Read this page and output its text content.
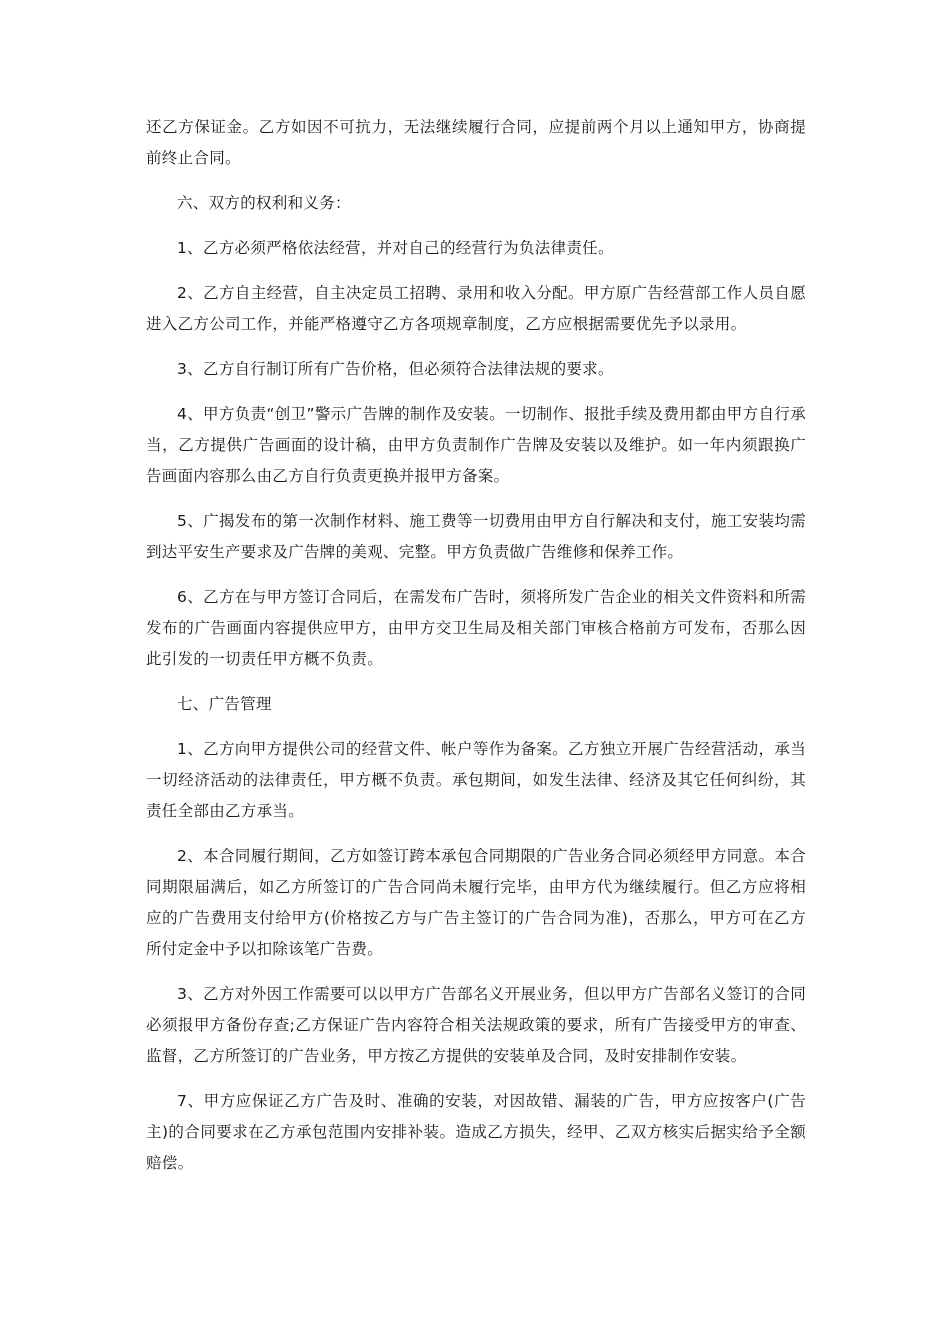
还乙方保证金。乙方如因不可抗力，无法继续履行合同，应提前两个月以上通知甲方，协商提前终止合同。

六、双方的权利和义务：

1、乙方必须严格依法经营，并对自己的经营行为负法律责任。

2、乙方自主经营，自主决定员工招聘、录用和收入分配。甲方原广告经营部工作人员自愿进入乙方公司工作，并能严格遵守乙方各项规章制度，乙方应根据需要优先予以录用。

3、乙方自行制订所有广告价格，但必须符合法律法规的要求。

4、甲方负责“创卫”警示广告牌的制作及安装。一切制作、报批手续及费用都由甲方自行承当，乙方提供广告画面的设计稿，由甲方负责制作广告牌及安装以及维护。如一年内须跟换广告画面内容那么由乙方自行负责更换并报甲方备案。

5、广揭发布的第一次制作材料、施工费等一切费用由甲方自行解决和支付，施工安装均需到达平安生产要求及广告牌的美观、完整。甲方负责做广告维修和保养工作。

6、乙方在与甲方签订合同后，在需发布广告时，须将所发广告企业的相关文件资料和所需发布的广告画面内容提供应甲方，由甲方交卫生局及相关部门审核合格前方可发布，否那么因此引发的一切责任甲方概不负责。

七、广告管理

1、乙方向甲方提供公司的经营文件、帐户等作为备案。乙方独立开展广告经营活动，承当一切经济活动的法律责任，甲方概不负责。承包期间，如发生法律、经济及其它任何纠纷，其责任全部由乙方承当。

2、本合同履行期间，乙方如签订跨本承包合同期限的广告业务合同必须经甲方同意。本合同期限届满后，如乙方所签订的广告合同尚未履行完毕，由甲方代为继续履行。但乙方应将相应的广告费用支付给甲方(价格按乙方与广告主签订的广告合同为准)，否那么，甲方可在乙方所付定金中予以扣除该笔广告费。

3、乙方对外因工作需要可以以甲方广告部名义开展业务，但以甲方广告部名义签订的合同必须报甲方备份存查;乙方保证广告内容符合相关法规政策的要求，所有广告接受甲方的审查、监督，乙方所签订的广告业务，甲方按乙方提供的安装单及合同，及时安排制作安装。

7、甲方应保证乙方广告及时、准确的安装，对因故错、漏装的广告，甲方应按客户(广告主)的合同要求在乙方承包范围内安排补装。造成乙方损失，经甲、乙双方核实后据实给予全额赔偿。
